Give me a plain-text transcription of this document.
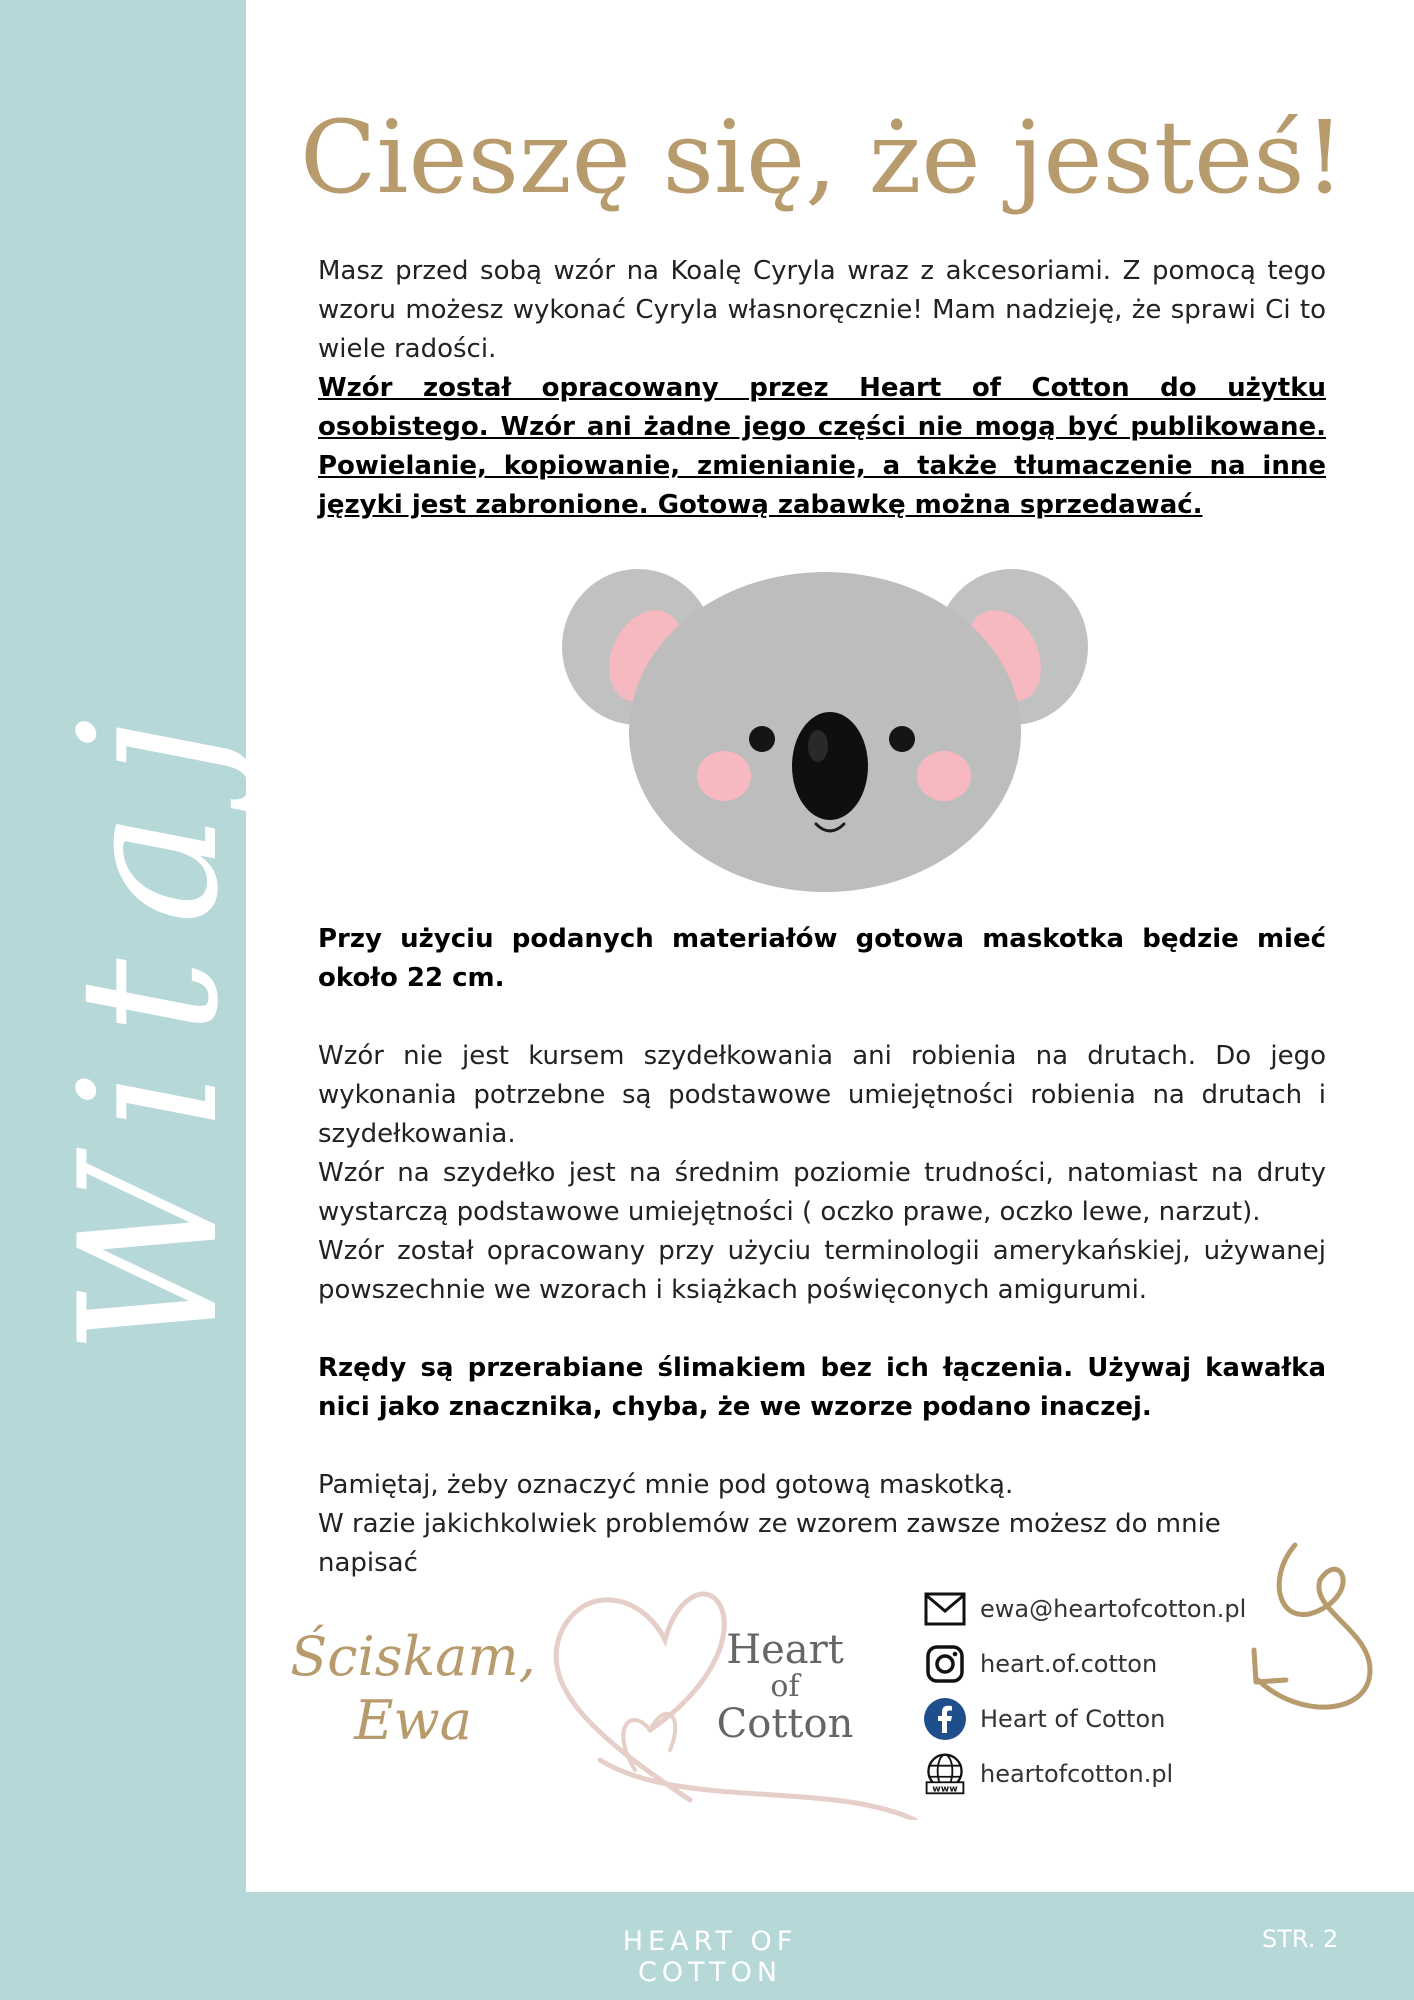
Witaj
Cieszę się, że jesteś!

Masz przed sobą wzór na Koalę Cyryla wraz z akcesoriami. Z pomocą tego wzoru możesz wykonać Cyryla własnoręcznie! Mam nadzieję, że sprawi Ci to wiele radości.

Wzór został opracowany przez Heart of Cotton do użytku osobistego. Wzór ani żadne jego części nie mogą być publikowane. Powielanie, kopiowanie, zmienianie, a także tłumaczenie na inne języki jest zabronione. Gotową zabawkę można sprzedawać.

Przy użyciu podanych materiałów gotowa maskotka będzie mieć około 22 cm.

Wzór nie jest kursem szydełkowania ani robienia na drutach. Do jego wykonania potrzebne są podstawowe umiejętności robienia na drutach i szydełkowania.

Wzór na szydełko jest na średnim poziomie trudności, natomiast na druty wystarczą podstawowe umiejętności ( oczko prawe, oczko lewe, narzut).

Wzór został opracowany przy użyciu terminologii amerykańskiej, używanej powszechnie we wzorach i książkach poświęconych amigurumi.

Rzędy są przerabiane ślimakiem bez ich łączenia. Używaj kawałka nici jako znacznika, chyba, że we wzorze podano inaczej.

Pamiętaj, żeby oznaczyć mnie pod gotową maskotką.

W razie jakichkolwiek problemów ze wzorem zawsze możesz do mnie napisać

Ściskam,
Ewa
Heart
of
Cotton
ewa@heartofcotton.pl
heart.of.cotton
Heart of Cotton
www
heartofcotton.pl
HEART OF COTTON
STR. 2
